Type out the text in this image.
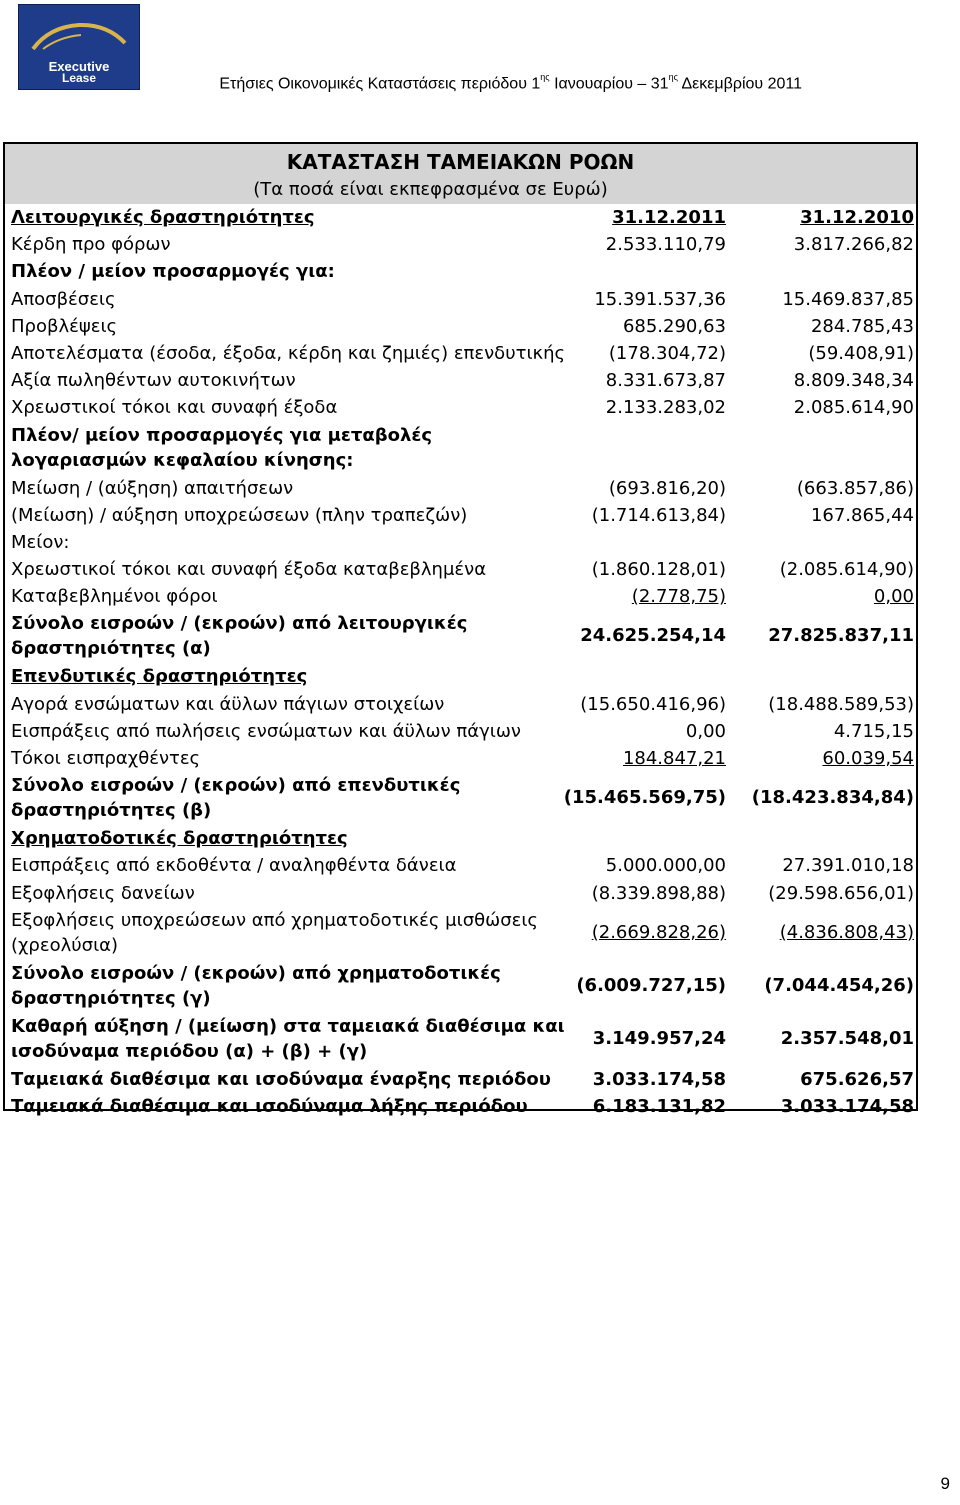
Executive
Lease	Ετήσιες Οικονομικές Καταστάσεις περιόδου $1^{\eta\varsigma}$ Ιανουαρίου – $31^{\eta\varsigma}$ Δεκεμβρίου 2011
ΚΑΤΑΣΤΑΣΗ ΤΑΜΕΙΑΚΩΝ ΡΟΩΝ
(Τα ποσά είναι εκπεφρασμένα σε Ευρώ)
Λειτουργικές δραστηριότητες	31.12.2011	31.12.2010
Κέρδη προ φόρων	2.533.110,79	3.817.266,82
Πλέον / μείον προσαρμογές για:
Αποσβέσεις	15.391.537,36	15.469.837,85
Προβλέψεις	685.290,63	284.785,43
Αποτελέσματα (έσοδα, έξοδα, κέρδη και ζημιές) επενδυτικής (178.304,72)	(59.408,91)
Αξία πωληθέντων αυτοκινήτων	8.331.673,87	8.809.348,34
Χρεωστικοί τόκοι και συναφή έξοδα	2.133.283,02	2.085.614,90
Πλέον/ μείον προσαρμογές για μεταβολές λογαριασμών κεφαλαίου κίνησης:
Μείωση / (αύξηση) απαιτήσεων	(693.816,20)	(663.857,86)
(Μείωση) / αύξηση υποχρεώσεων (πλην τραπεζών)	(1.714.613,84)	167.865,44
Μείον:
Χρεωστικοί τόκοι και συναφή έξοδα καταβεβλημένα	(1.860.128,01)	(2.085.614,90)
Καταβεβλημένοι φόροι	(2.778,75)	0,00
Σύνολο εισροών / (εκροών) από λειτουργικές δραστηριότητες (α)
24.625.254,14 27.825.837,11
Επενδυτικές δραστηριότητες
Αγορά ενσώματων και άϋλων πάγιων στοιχείων	(15.650.416,96) (18.488.589,53)
Εισπράξεις από πωλήσεις ενσώματων και άϋλων πάγιων	0,00	4.715,15
Τόκοι εισπραχθέντες	184.847,21	60.039,54
Σύνολο εισροών / (εκροών) από επενδυτικές δραστηριότητες (β)
(15.465.569,75) (18.423.834,84)
Χρηματοδοτικές δραστηριότητες
Εισπράξεις από εκδοθέντα / αναληφθέντα δάνεια	5.000.000,00	27.391.010,18
Εξοφλήσεις δανείων	(8.339.898,88) (29.598.656,01)
Εξοφλήσεις υποχρεώσεων από χρηματοδοτικές μισθώσεις (χρεολύσια)
(2.669.828,26)	(4.836.808,43)
Σύνολο εισροών / (εκροών) από χρηματοδοτικές δραστηριότητες (γ)
(6.009.727,15) (7.044.454,26)
Καθαρή αύξηση / (μείωση) στα ταμειακά διαθέσιμα και ισοδύναμα περιόδου (α) + (β) + (γ)
3.149.957,24	2.357.548,01
Ταμειακά διαθέσιμα και ισοδύναμα έναρξης περιόδου 3.033.174,58	675.626,57
Ταμειακά διαθέσιμα και ισοδύναμα λήξης περιόδου	6.183.131,82	3.033.174,58
9
